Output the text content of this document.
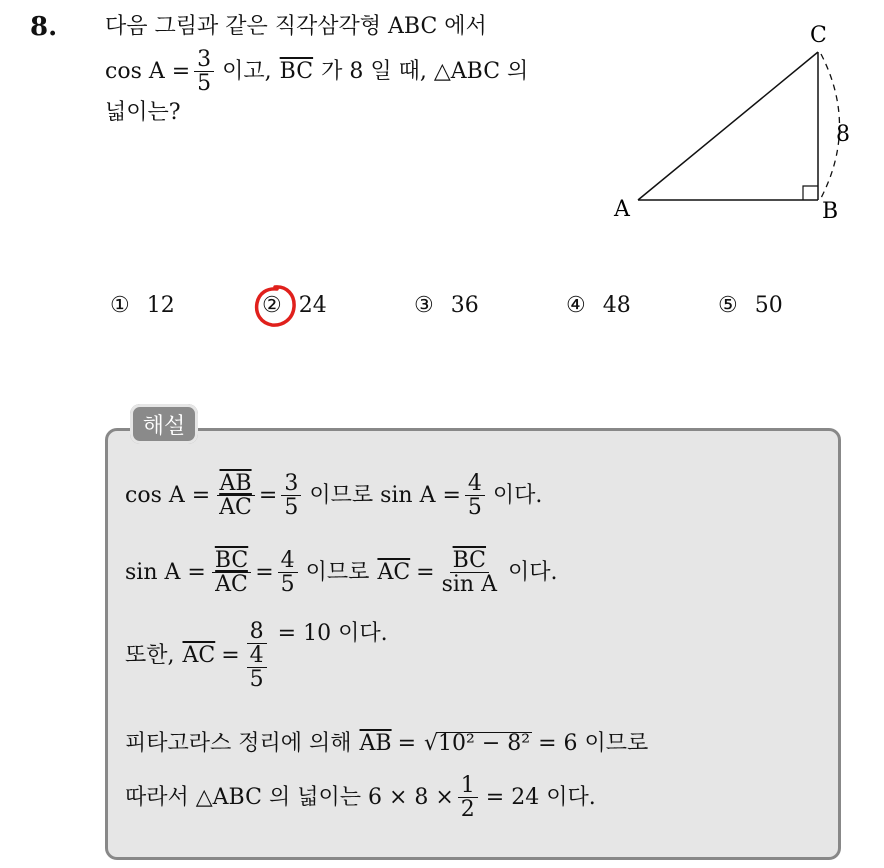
8. 다음 그림과 같은 직각삼각형 ABC 에서
$\cos A = \frac{3}{5}$ 이고, $\overline{BC}$ 가 8 일 때, △ABC 의
넓이는?
A	B
C
8
① 12	② 24	③ 36	④ 48	⑤ 50
해설
$\cos A = \frac{\overline{AB}}{AC} = \frac{3}{5}$ 이므로 $\sin A = \frac{4}{5}$ 이다.
$\sin A = \frac{\overline{BC}}{AC} = \frac{4}{5}$ 이므로 $\overline{AC} = \frac{\overline{BC}}{\text{sin A}}$ 이다.
또한, $\overline{AC} = \frac{8}{\frac{4}{5}} = 10$ 이다.
피타고라스 정리에 의해 $\overline{AB}$ = √ 10² − 8² = 6 이므로
따라서 △ABC 의 넓이는 $6 \times 8 \times \frac{1}{2} = 24$ 이다.
